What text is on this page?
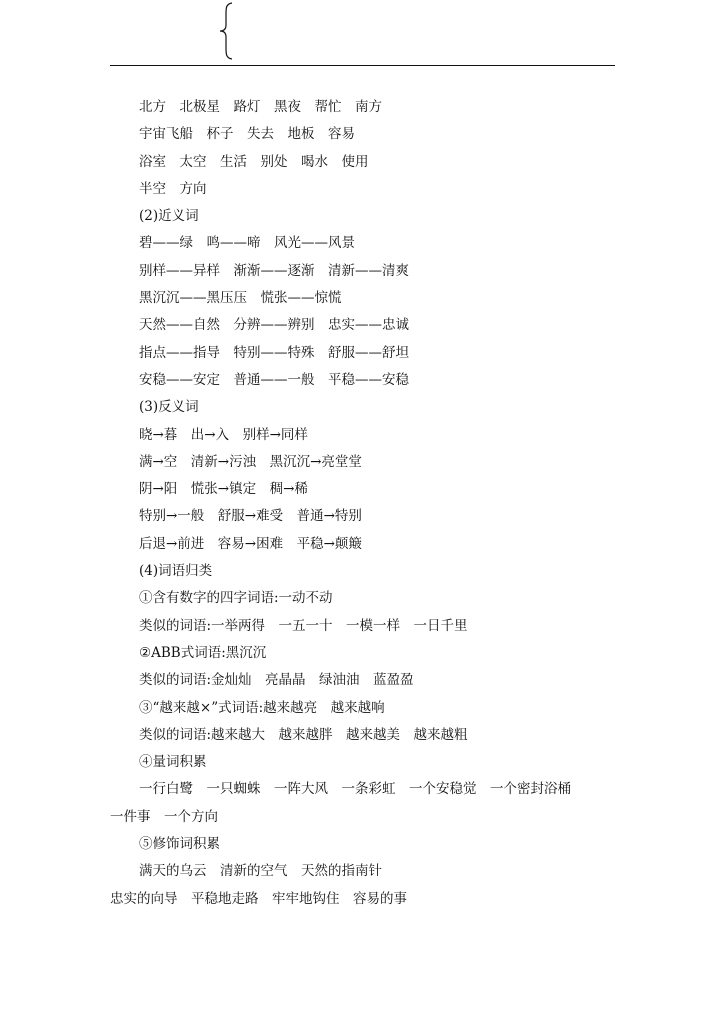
北方　北极星　路灯　黑夜　帮忙　南方
宇宙飞船　杯子　失去　地板　容易
浴室　太空　生活　别处　喝水　使用
半空　方向
(2)近义词
碧——绿　鸣——啼　风光——风景
别样——异样　渐渐——逐渐　清新——清爽
黑沉沉——黑压压　慌张——惊慌
天然——自然　分辨——辨别　忠实——忠诚
指点——指导　特别——特殊　舒服——舒坦
安稳——安定　普通——一般　平稳——安稳
(3)反义词
晓→暮　出→入　别样→同样
满→空　清新→污浊　黑沉沉→亮堂堂
阴→阳　慌张→镇定　稠→稀
特别→一般　舒服→难受　普通→特别
后退→前进　容易→困难　平稳→颠簸
(4)词语归类
①含有数字的四字词语:一动不动
类似的词语:一举两得　一五一十　一模一样　一日千里
②ABB式词语:黑沉沉
类似的词语:金灿灿　亮晶晶　绿油油　蓝盈盈
③“越来越×”式词语:越来越亮　越来越响
类似的词语:越来越大　越来越胖　越来越美　越来越粗
④量词积累
一行白鹭　一只蜘蛛　一阵大风　一条彩虹　一个安稳觉　一个密封浴桶
一件事　一个方向
⑤修饰词积累
满天的乌云　清新的空气　天然的指南针
忠实的向导　平稳地走路　牢牢地钩住　容易的事
